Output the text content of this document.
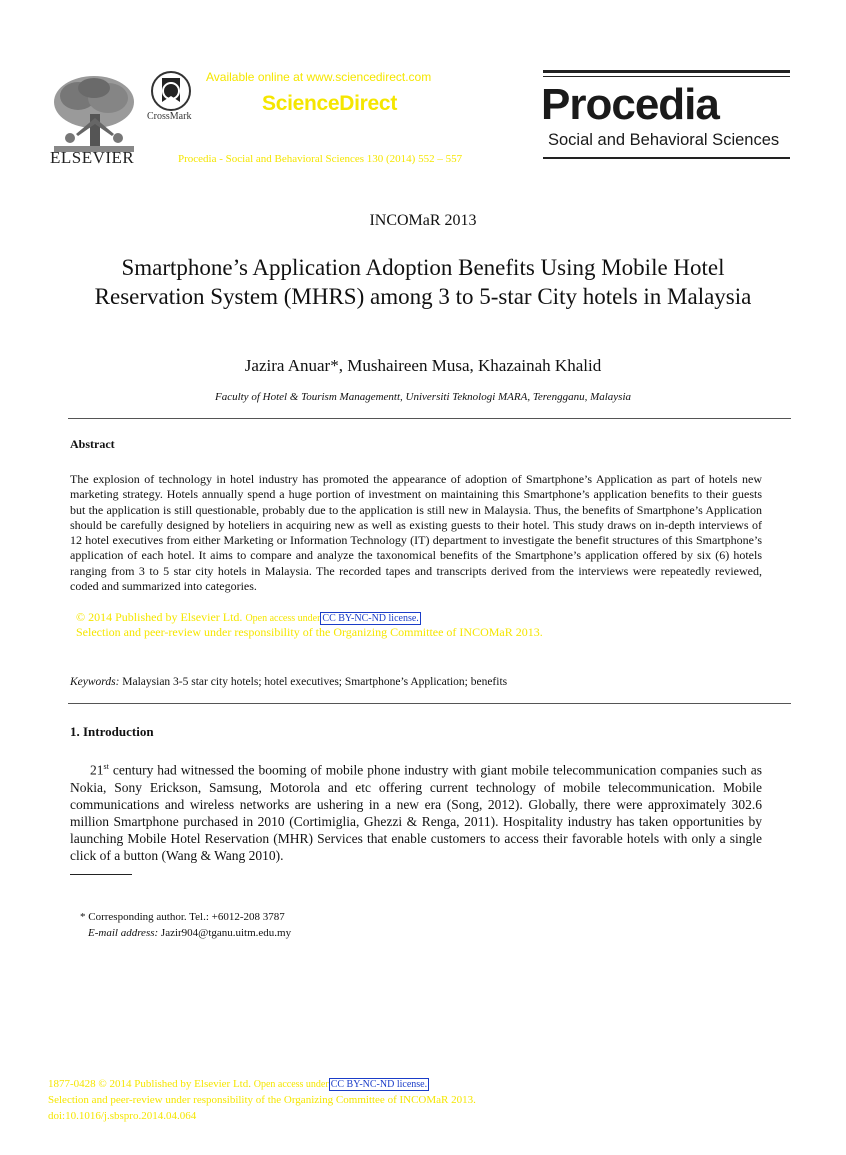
ELSEVIER
CrossMark
Available online at www.sciencedirect.com
ScienceDirect
Procedia - Social and Behavioral Sciences 130 (2014) 552 – 557
Procedia
Social and Behavioral Sciences
INCOMaR 2013
Smartphone’s Application Adoption Benefits Using Mobile Hotel Reservation System (MHRS) among 3 to 5-star City hotels in Malaysia
Jazira Anuar*, Mushaireen Musa, Khazainah Khalid
Faculty of Hotel & Tourism Managementt, Universiti Teknologi MARA, Terengganu, Malaysia
Abstract
The explosion of technology in hotel industry has promoted the appearance of adoption of Smartphone’s Application as part of hotels new marketing strategy. Hotels annually spend a huge portion of investment on maintaining this Smartphone’s application benefits to their guests but the application is still questionable, probably due to the application is still new in Malaysia. Thus, the benefits of Smartphone’s Application should be carefully designed by hoteliers in acquiring new as well as existing guests to their hotel. This study draws on in-depth interviews of 12 hotel executives from either Marketing or Information Technology (IT) department to investigate the benefit structures of this Smartphone’s application of each hotel. It aims to compare and analyze the taxonomical benefits of the Smartphone’s application offered by six (6) hotels ranging from 3 to 5 star city hotels in Malaysia. The recorded tapes and transcripts derived from the interviews were repeatedly reviewed, coded and summarized into categories.
© 2014 Published by Elsevier Ltd. Open access under CC BY-NC-ND license.
Selection and peer-review under responsibility of the Organizing Committee of INCOMaR 2013.
Keywords: Malaysian 3-5 star city hotels; hotel executives; Smartphone’s Application; benefits
1. Introduction
21st century had witnessed the booming of mobile phone industry with giant mobile telecommunication companies such as Nokia, Sony Erickson, Samsung, Motorola and etc offering current technology of mobile telecommunication. Mobile communications and wireless networks are ushering in a new era (Song, 2012). Globally, there were approximately 302.6 million Smartphone purchased in 2010 (Cortimiglia, Ghezzi & Renga, 2011). Hospitality industry has taken opportunities by launching Mobile Hotel Reservation (MHR) Services that enable customers to access their favorable hotels with only a single click of a button (Wang & Wang 2010).
* Corresponding author. Tel.: +6012-208 3787
E-mail address: Jazir904@tganu.uitm.edu.my
1877-0428 © 2014 Published by Elsevier Ltd. Open access under CC BY-NC-ND license.
Selection and peer-review under responsibility of the Organizing Committee of INCOMaR 2013.
doi:10.1016/j.sbspro.2014.04.064
